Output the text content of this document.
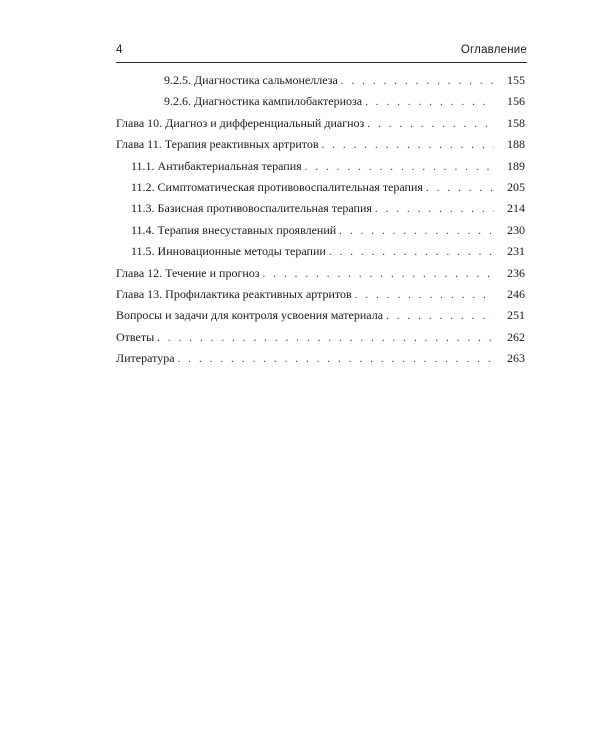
4	Оглавление
9.2.5. Диагностика сальмонеллеза . . .	155
9.2.6. Диагностика кампилобактериоза . . .	156
Глава 10. Диагноз и дифференциальный диагноз . . .	158
Глава 11. Терапия реактивных артритов . . .	188
11.1. Антибактериальная терапия . . .	189
11.2. Симптоматическая противовоспалительная терапия . . .	205
11.3. Базисная противовоспалительная терапия . . .	214
11.4. Терапия внесуставных проявлений . . .	230
11.5. Инновационные методы терапии . . .	231
Глава 12. Течение и прогноз . . .	236
Глава 13. Профилактика реактивных артритов . . .	246
Вопросы и задачи для контроля усвоения материала . . .	251
Ответы . . .	262
Литература . . .	263
